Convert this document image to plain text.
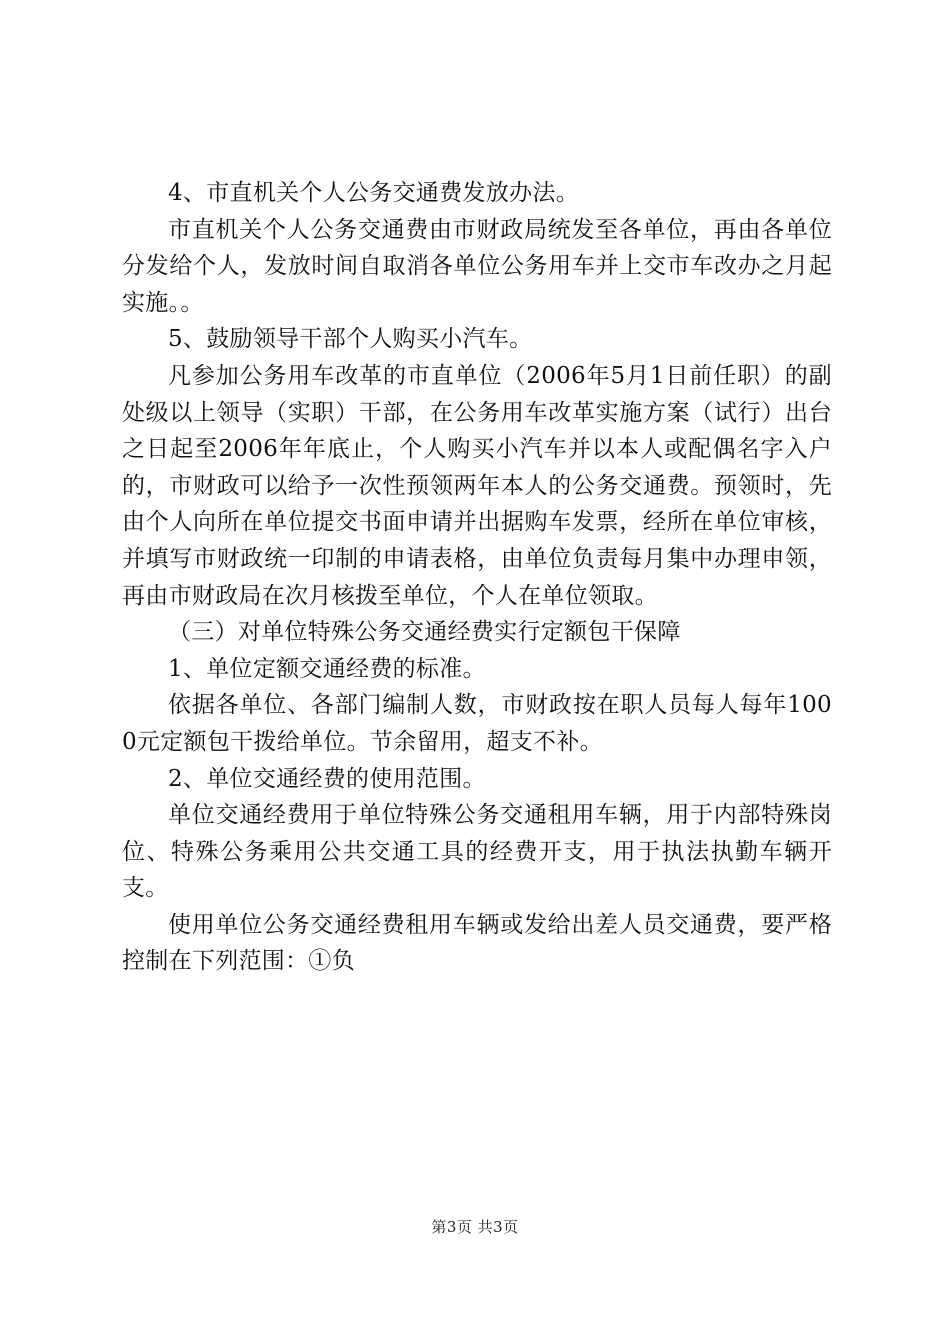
4、市直机关个人公务交通费发放办法。

市直机关个人公务交通费由市财政局统发至各单位，再由各单位分发给个人，发放时间自取消各单位公务用车并上交市车改办之月起实施。。

5、鼓励领导干部个人购买小汽车。

凡参加公务用车改革的市直单位（2006年5月1日前任职）的副处级以上领导（实职）干部，在公务用车改革实施方案（试行）出台之日起至2006年年底止，个人购买小汽车并以本人或配偶名字入户的，市财政可以给予一次性预领两年本人的公务交通费。预领时，先由个人向所在单位提交书面申请并出据购车发票，经所在单位审核，并填写市财政统一印制的申请表格，由单位负责每月集中办理申领，再由市财政局在次月核拨至单位，个人在单位领取。

（三）对单位特殊公务交通经费实行定额包干保障

1、单位定额交通经费的标准。

依据各单位、各部门编制人数，市财政按在职人员每人每年1000元定额包干拨给单位。节余留用，超支不补。

2、单位交通经费的使用范围。

单位交通经费用于单位特殊公务交通租用车辆，用于内部特殊岗位、特殊公务乘用公共交通工具的经费开支，用于执法执勤车辆开支。

使用单位公务交通经费租用车辆或发给出差人员交通费，要严格控制在下列范围：①负

第3页 共3页
